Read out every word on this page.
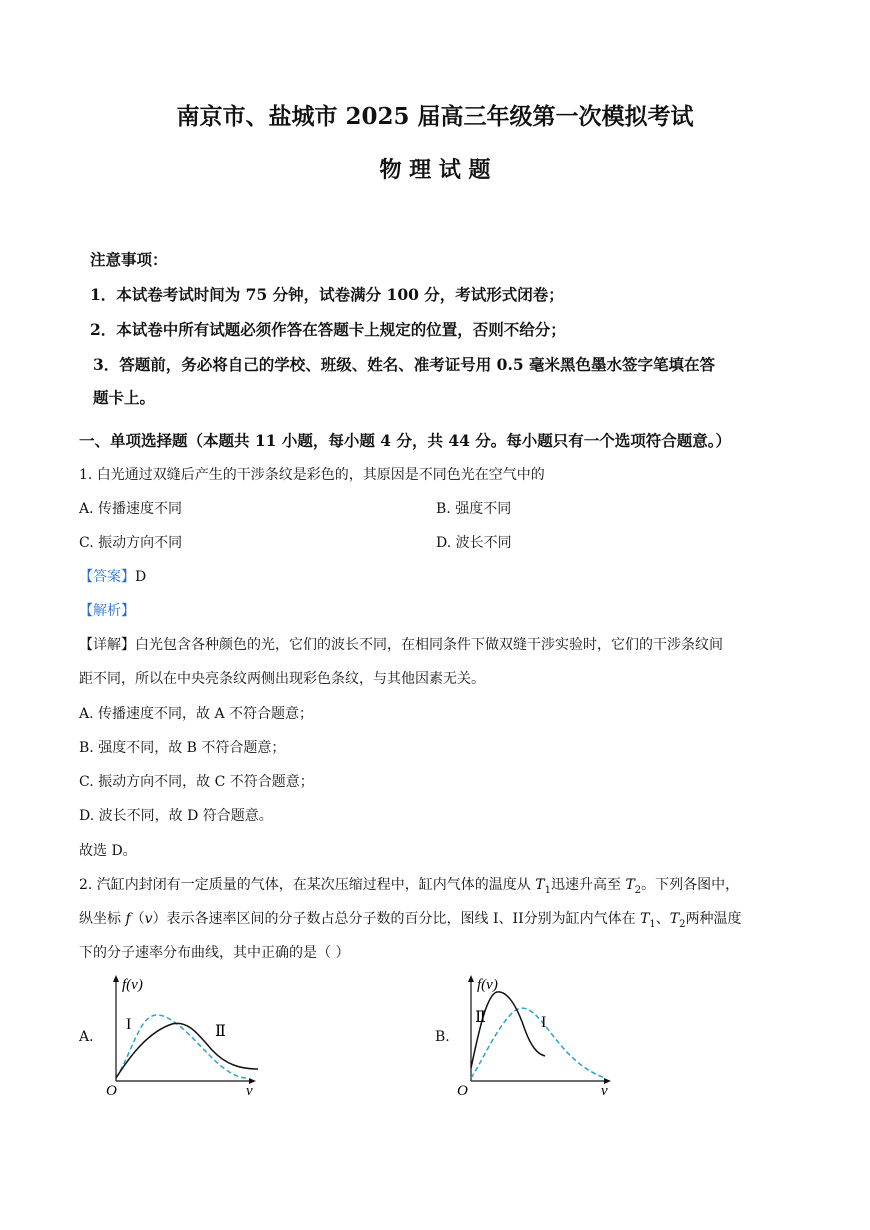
南京市、盐城市 2025 届高三年级第一次模拟考试
物 理 试 题
注意事项：
1．本试卷考试时间为 75 分钟，试卷满分 100 分，考试形式闭卷；
2．本试卷中所有试题必须作答在答题卡上规定的位置，否则不给分；
3．答题前，务必将自己的学校、班级、姓名、准考证号用 0.5 毫米黑色墨水签字笔填在答
题卡上。
一、单项选择题（本题共 11 小题，每小题 4 分，共 44 分。每小题只有一个选项符合题意。）
1. 白光通过双缝后产生的干涉条纹是彩色的，其原因是不同色光在空气中的
A. 传播速度不同	B. 强度不同
C. 振动方向不同	D. 波长不同
【答案】D
【解析】
【详解】白光包含各种颜色的光，它们的波长不同，在相同条件下做双缝干涉实验时，它们的干涉条纹间
距不同，所以在中央亮条纹两侧出现彩色条纹，与其他因素无关。
A. 传播速度不同，故 A 不符合题意；
B. 强度不同，故 B 不符合题意；
C. 振动方向不同，故 C 不符合题意；
D. 波长不同，故 D 符合题意。
故选 D。
2. 汽缸内封闭有一定质量的气体，在某次压缩过程中，缸内气体的温度从 $T_1$迅速升高至 $T_2$。下列各图中，
纵坐标 f（v）表示各速率区间的分子数占总分子数的百分比，图线 I、II分别为缸内气体在 $T_1$、$T_2$两种温度
下的分子速率分布曲线，其中正确的是（ ）
A.
f(v)
O	v
I	Ⅱ	B.
f(v)
O	v
Ⅱ	I
